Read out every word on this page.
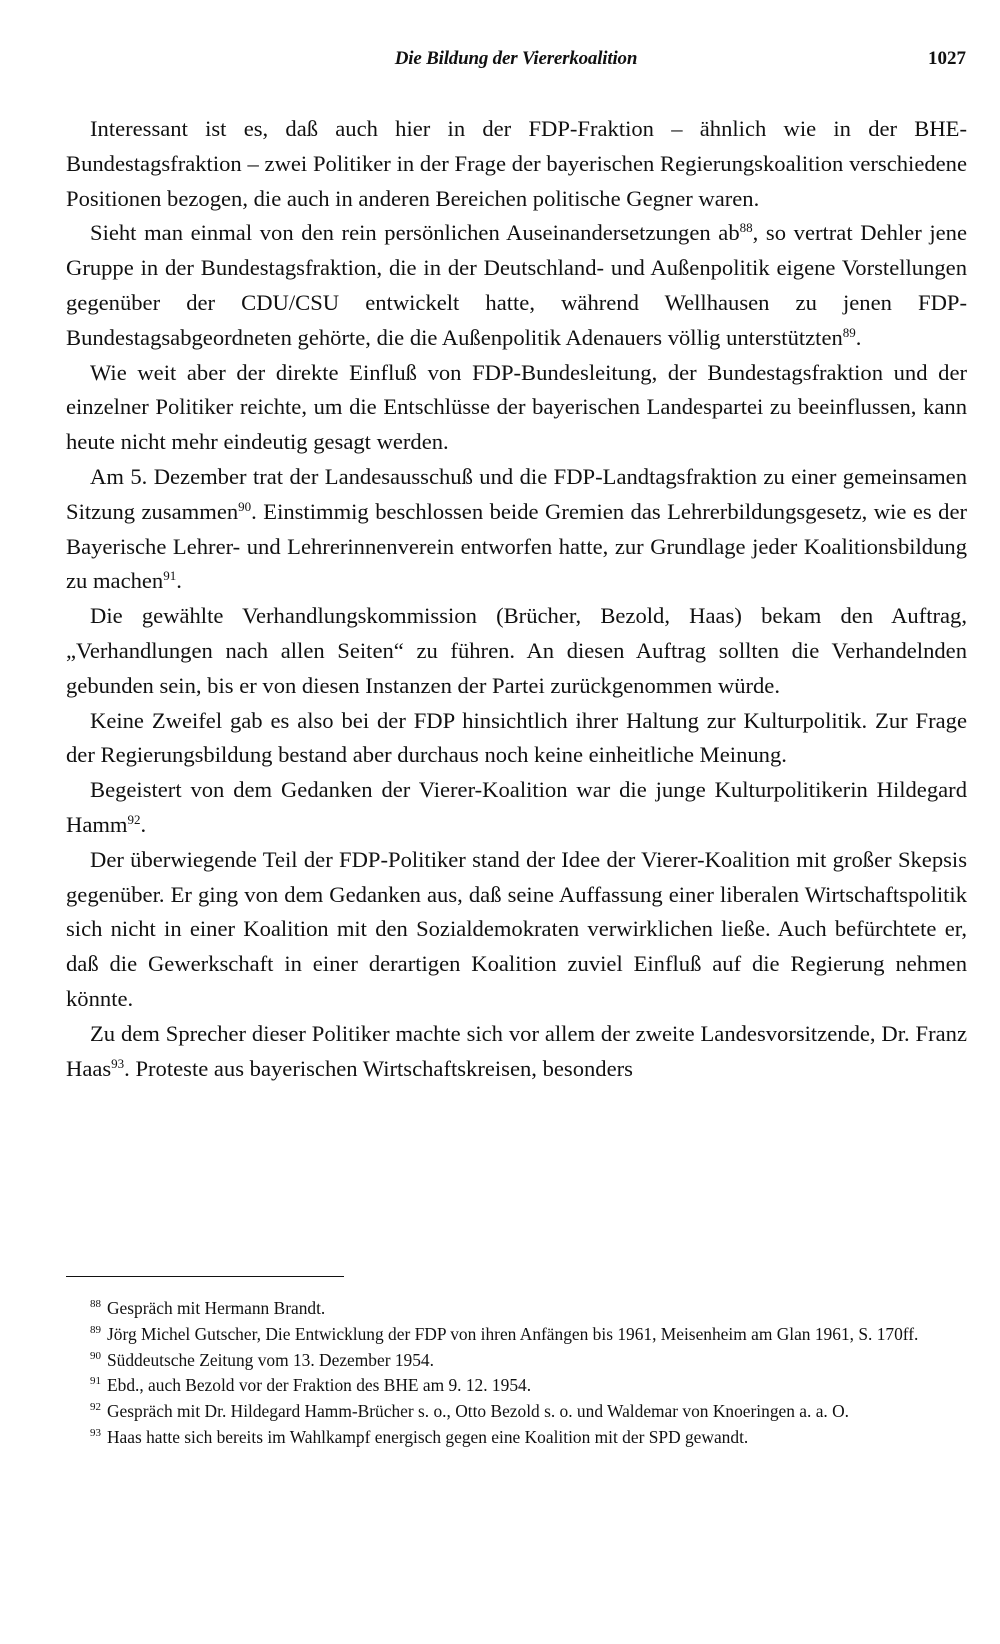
Die Bildung der Viererkoalition	1027

Interessant ist es, daß auch hier in der FDP-Fraktion – ähnlich wie in der BHE-Bundestagsfraktion – zwei Politiker in der Frage der bayerischen Regierungskoalition verschiedene Positionen bezogen, die auch in anderen Bereichen politische Gegner waren.

Sieht man einmal von den rein persönlichen Auseinandersetzungen $ab^{88}$, so vertrat Dehler jene Gruppe in der Bundestagsfraktion, die in der Deutschland- und Außenpolitik eigene Vorstellungen gegenüber der CDU/CSU entwickelt hatte, während Wellhausen zu jenen FDP-Bundestagsabgeordneten gehörte, die die Außenpolitik Adenauers völlig unterstützten$^{89}$.

Wie weit aber der direkte Einfluß von FDP-Bundesleitung, der Bundestagsfraktion und der einzelner Politiker reichte, um die Entschlüsse der bayerischen Landespartei zu beeinflussen, kann heute nicht mehr eindeutig gesagt werden.

Am 5. Dezember trat der Landesausschuß und die FDP-Landtagsfraktion zu einer gemeinsamen Sitzung zusammen$^{90}$. Einstimmig beschlossen beide Gremien das Lehrerbildungsgesetz, wie es der Bayerische Lehrer- und Lehrerinnenverein entworfen hatte, zur Grundlage jeder Koalitionsbildung zu machen$^{91}$.

Die gewählte Verhandlungskommission (Brücher, Bezold, Haas) bekam den Auftrag, „Verhandlungen nach allen Seiten“ zu führen. An diesen Auftrag sollten die Verhandelnden gebunden sein, bis er von diesen Instanzen der Partei zurückgenommen würde.

Keine Zweifel gab es also bei der FDP hinsichtlich ihrer Haltung zur Kulturpolitik. Zur Frage der Regierungsbildung bestand aber durchaus noch keine einheitliche Meinung.

Begeistert von dem Gedanken der Vierer-Koalition war die junge Kulturpolitikerin Hildegard Hamm$^{92}$.

Der überwiegende Teil der FDP-Politiker stand der Idee der Vierer-Koalition mit großer Skepsis gegenüber. Er ging von dem Gedanken aus, daß seine Auffassung einer liberalen Wirtschaftspolitik sich nicht in einer Koalition mit den Sozialdemokraten verwirklichen ließe. Auch befürchtete er, daß die Gewerkschaft in einer derartigen Koalition zuviel Einfluß auf die Regierung nehmen könnte.

Zu dem Sprecher dieser Politiker machte sich vor allem der zweite Landesvorsitzende, Dr. Franz Haas$^{93}$. Proteste aus bayerischen Wirtschaftskreisen, besonders

$^{88}$ Gespräch mit Hermann Brandt.

$^{89}$ Jörg Michel Gutscher, Die Entwicklung der FDP von ihren Anfängen bis 1961, Meisenheim am Glan 1961, S. 170ff.

$^{90}$ Süddeutsche Zeitung vom 13. Dezember 1954.

$^{91}$ Ebd., auch Bezold vor der Fraktion des BHE am 9. 12. 1954.

$^{92}$ Gespräch mit Dr. Hildegard Hamm-Brücher s. o., Otto Bezold s. o. und Waldemar von Knoeringen a. a. O.

$^{93}$ Haas hatte sich bereits im Wahlkampf energisch gegen eine Koalition mit der SPD gewandt.
